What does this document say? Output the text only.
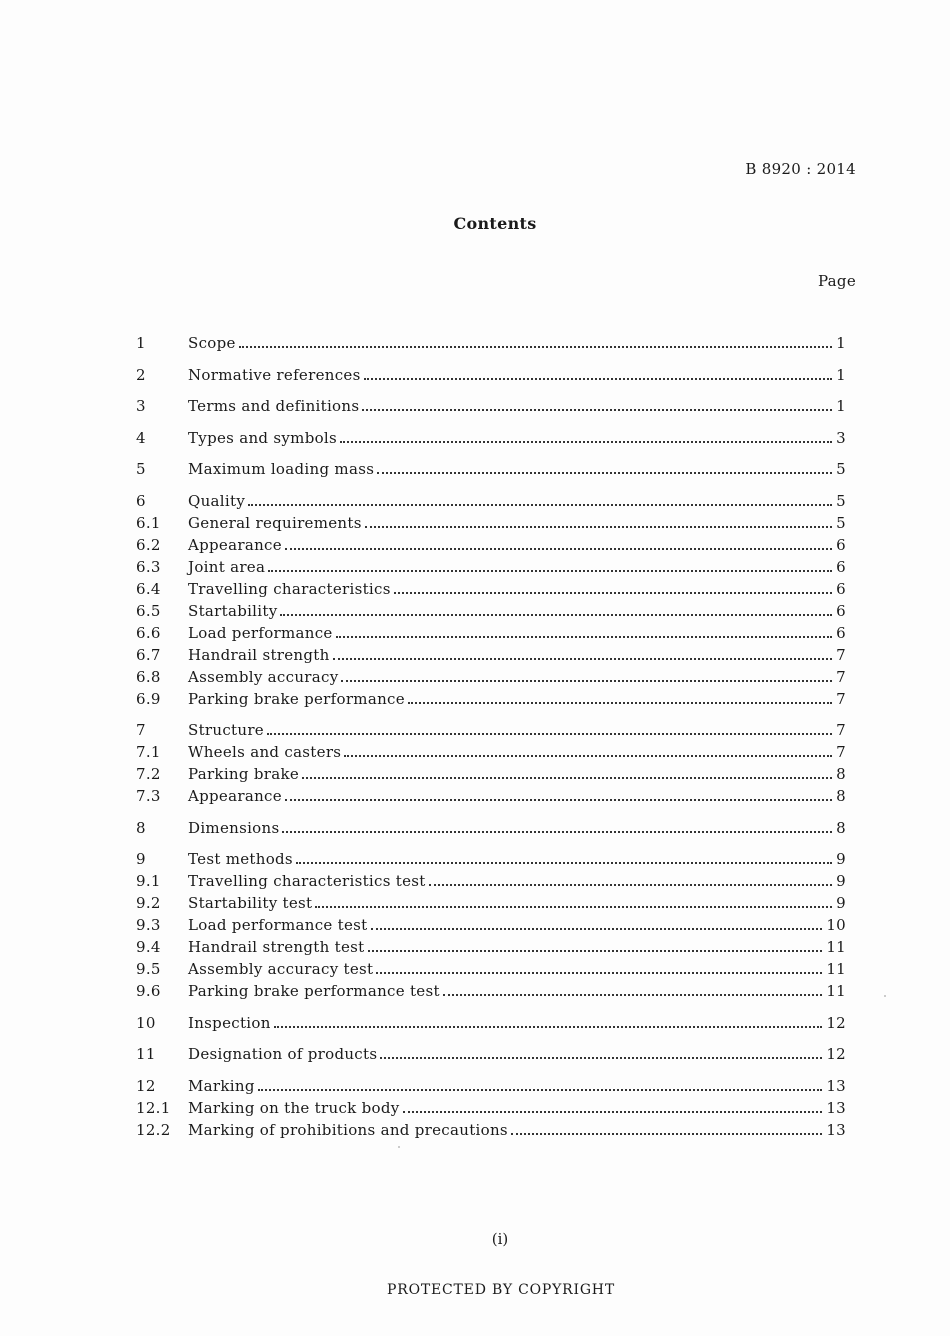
B 8920 : 2014
Contents
Page
1	Scope	1
2	Normative references	1
3	Terms and definitions	1
4	Types and symbols	3
5	Maximum loading mass	5
6	Quality	5
6.1	General requirements	5
6.2	Appearance	6
6.3	Joint area	6
6.4	Travelling characteristics	6
6.5	Startability	6
6.6	Load performance	6
6.7	Handrail strength	7
6.8	Assembly accuracy	7
6.9	Parking brake performance	7
7	Structure	7
7.1	Wheels and casters	7
7.2	Parking brake	8
7.3	Appearance	8
8	Dimensions	8
9	Test methods	9
9.1	Travelling characteristics test	9
9.2	Startability test	9
9.3	Load performance test	10
9.4	Handrail strength test	11
9.5	Assembly accuracy test	11
9.6	Parking brake performance test	11
10	Inspection	12
11	Designation of products	12
12	Marking	13
12.1	Marking on the truck body	13
12.2	Marking of prohibitions and precautions	13
(i)
PROTECTED BY COPYRIGHT
